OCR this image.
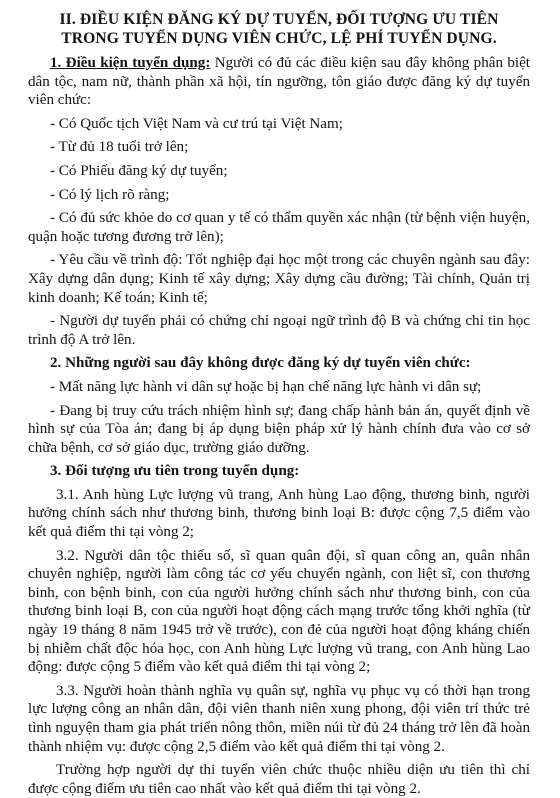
II. ĐIỀU KIỆN ĐĂNG KÝ DỰ TUYỂN, ĐỐI TƯỢNG ƯU TIÊN
TRONG TUYỂN DỤNG VIÊN CHỨC, LỆ PHÍ TUYỂN DỤNG.

1. Điều kiện tuyển dụng: Người có đủ các điều kiện sau đây không phân biệt dân tộc, nam nữ, thành phần xã hội, tín ngưỡng, tôn giáo được đăng ký dự tuyển viên chức:

- Có Quốc tịch Việt Nam và cư trú tại Việt Nam;

- Từ đủ 18 tuổi trở lên;

- Có Phiếu đăng ký dự tuyển;

- Có lý lịch rõ ràng;

- Có đủ sức khỏe do cơ quan y tế có thẩm quyền xác nhận (từ bệnh viện huyện, quận hoặc tương đương trở lên);

- Yêu cầu về trình độ: Tốt nghiệp đại học một trong các chuyên ngành sau đây: Xây dựng dân dụng; Kinh tế xây dựng; Xây dựng cầu đường; Tài chính, Quản trị kinh doanh; Kế toán; Kinh tế;

- Người dự tuyển phải có chứng chỉ ngoại ngữ trình độ B và chứng chỉ tin học trình độ A trở lên.

2. Những người sau đây không được đăng ký dự tuyển viên chức:

- Mất năng lực hành vi dân sự hoặc bị hạn chế năng lực hành vi dân sự;

- Đang bị truy cứu trách nhiệm hình sự; đang chấp hành bản án, quyết định về hình sự của Tòa án; đang bị áp dụng biện pháp xử lý hành chính đưa vào cơ sở chữa bệnh, cơ sở giáo dục, trường giáo dưỡng.

3. Đối tượng ưu tiên trong tuyển dụng:

3.1. Anh hùng Lực lượng vũ trang, Anh hùng Lao động, thương binh, người hưởng chính sách như thương binh, thương binh loại B: được cộng 7,5 điểm vào kết quả điểm thi tại vòng 2;

3.2. Người dân tộc thiểu số, sĩ quan quân đội, sĩ quan công an, quân nhân chuyên nghiệp, người làm công tác cơ yếu chuyển ngành, con liệt sĩ, con thương binh, con bệnh binh, con của người hưởng chính sách như thương binh, con của thương binh loại B, con của người hoạt động cách mạng trước tổng khởi nghĩa (từ ngày 19 tháng 8 năm 1945 trở về trước), con đẻ của người hoạt động kháng chiến bị nhiễm chất độc hóa học, con Anh hùng Lực lượng vũ trang, con Anh hùng Lao động: được cộng 5 điểm vào kết quả điểm thi tại vòng 2;

3.3. Người hoàn thành nghĩa vụ quân sự, nghĩa vụ phục vụ có thời hạn trong lực lượng công an nhân dân, đội viên thanh niên xung phong, đội viên trí thức trẻ tình nguyện tham gia phát triển nông thôn, miền núi từ đủ 24 tháng trở lên đã hoàn thành nhiệm vụ: được cộng 2,5 điểm vào kết quả điểm thi tại vòng 2.

Trường hợp người dự thi tuyển viên chức thuộc nhiều diện ưu tiên thì chỉ được cộng điểm ưu tiên cao nhất vào kết quả điểm thi tại vòng 2.
